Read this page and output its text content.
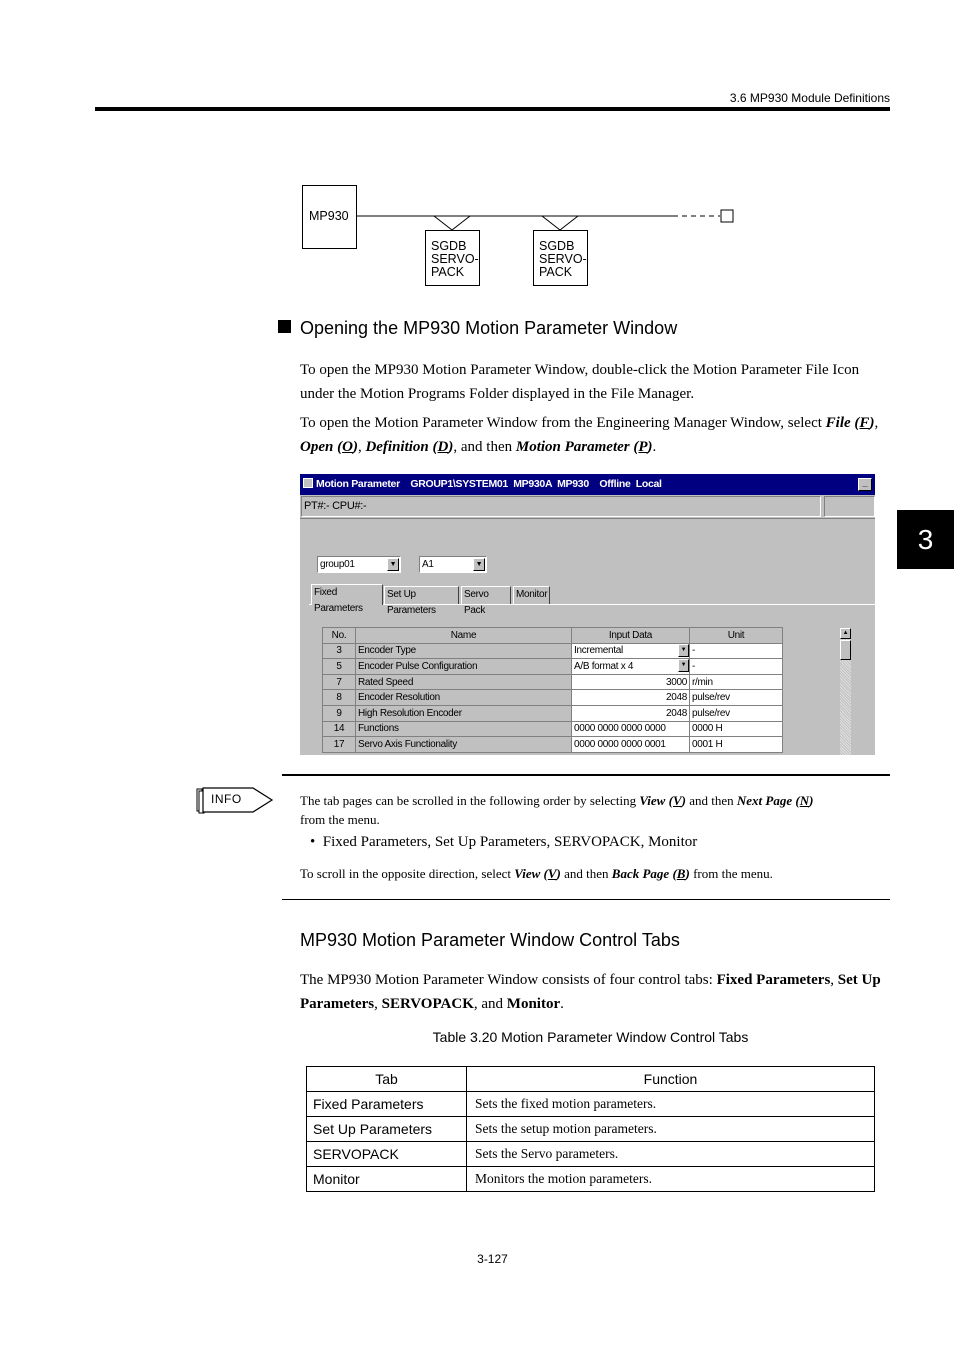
3.6 MP930 Module Definitions
3
MP930
SGDB
SERVO-
PACK
SGDB
SERVO-
PACK
Opening the MP930 Motion Parameter Window
To open the MP930 Motion Parameter Window, double-click the Motion Parameter File Icon under the Motion Programs Folder displayed in the File Manager.
To open the Motion Parameter Window from the Engineering Manager Window, select File (F), Open (O), Definition (D), and then Motion Parameter (P).
Motion Parameter    GROUP1\SYSTEM01  MP930A  MP930    Offline  Local	_
PT#:- CPU#:-
group01	▼	A1	▼
Fixed Parameters
Set Up Parameters
Servo Pack
Monitor
No.	Name	Input Data	Unit
3	Encoder Type	Incremental ▼	-
5	Encoder Pulse Configuration	A/B format x 4 ▼	-
7	Rated Speed	3000	r/min
8	Encoder Resolution	2048	pulse/rev
9	High Resolution Encoder	2048	pulse/rev
14	Functions	0000 0000 0000 0000	0000 H
17	Servo Axis Functionality	0000 0000 0000 0001	0001 H
▲
INFO	The tab pages can be scrolled in the following order by selecting View (V) and then Next Page (N)
from the menu.
•  Fixed Parameters, Set Up Parameters, SERVOPACK, Monitor
To scroll in the opposite direction, select View (V) and then Back Page (B) from the menu.
MP930 Motion Parameter Window Control Tabs
The MP930 Motion Parameter Window consists of four control tabs: Fixed Parameters, Set Up Parameters, SERVOPACK, and Monitor.
Table 3.20 Motion Parameter Window Control Tabs
Tab	Function
Fixed Parameters	Sets the fixed motion parameters.
Set Up Parameters	Sets the setup motion parameters.
SERVOPACK	Sets the Servo parameters.
Monitor	Monitors the motion parameters.
3-127
